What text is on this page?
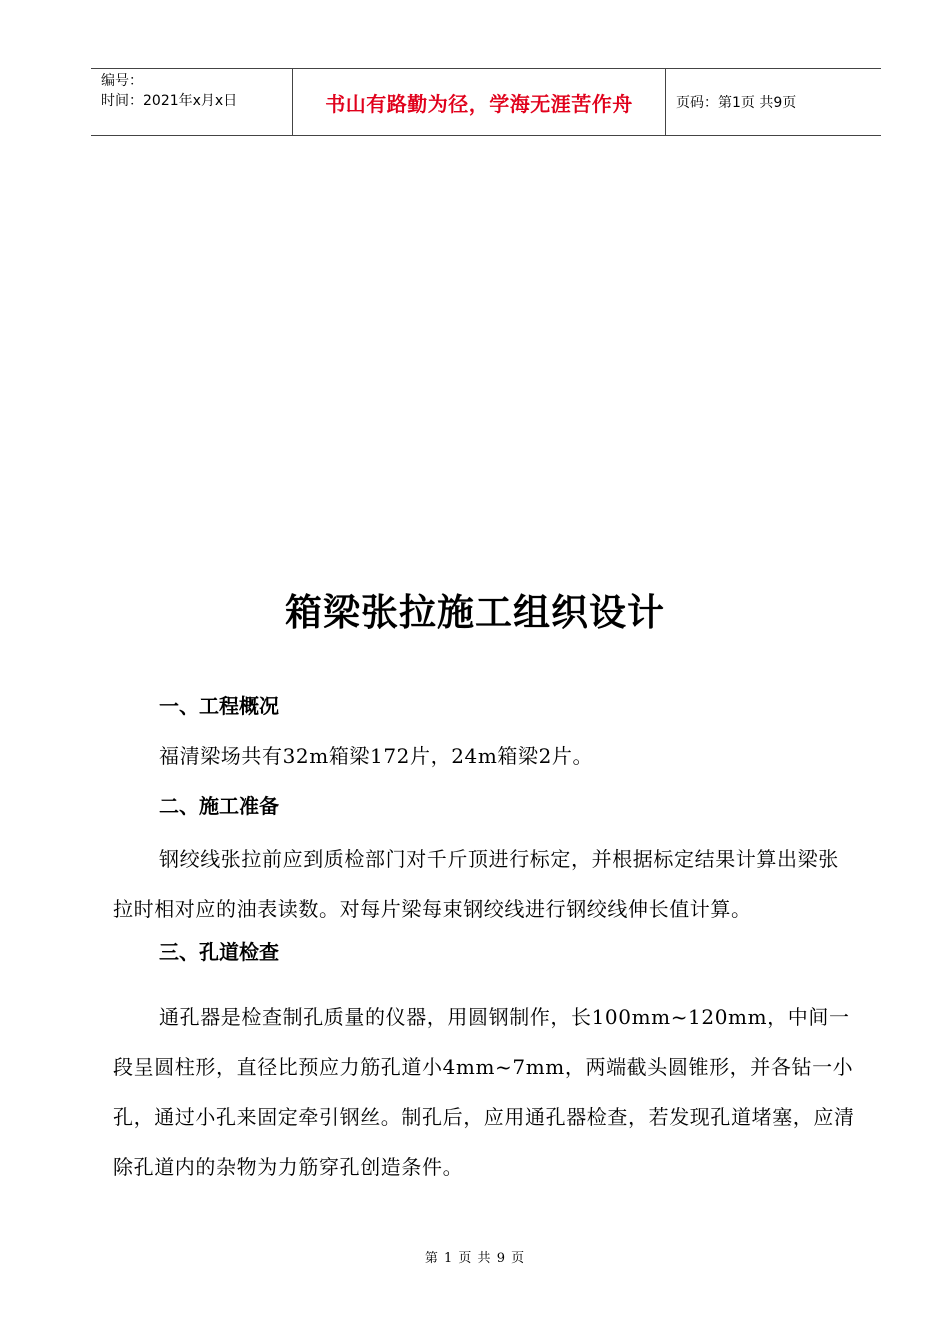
编号：
时间：2021年x月x日	书山有路勤为径，学海无涯苦作舟	页码：第1页 共9页
箱梁张拉施工组织设计
一、工程概况

福清梁场共有32m箱梁172片，24m箱梁2片。

二、施工准备

钢绞线张拉前应到质检部门对千斤顶进行标定，并根据标定结果计算出梁张拉时相对应的油表读数。对每片梁每束钢绞线进行钢绞线伸长值计算。

三、孔道检查

通孔器是检查制孔质量的仪器，用圆钢制作，长100mm~120mm，中间一段呈圆柱形，直径比预应力筋孔道小4mm~7mm，两端截头圆锥形，并各钻一小孔，通过小孔来固定牵引钢丝。制孔后，应用通孔器检查，若发现孔道堵塞，应清除孔道内的杂物为力筋穿孔创造条件。

第 1 页 共 9 页
